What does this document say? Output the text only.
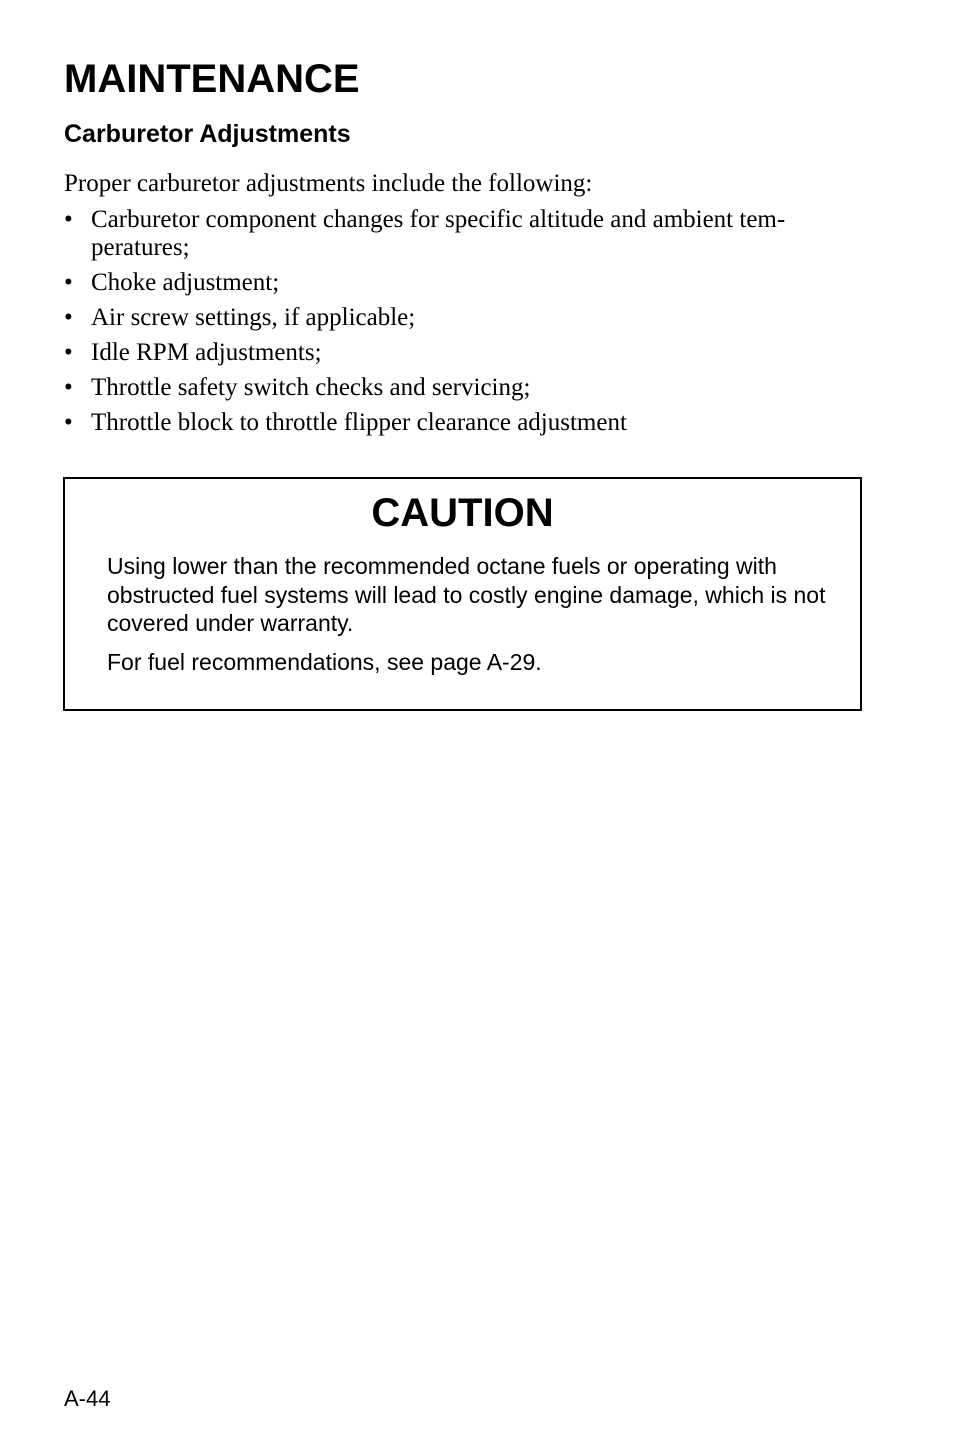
MAINTENANCE
Carburetor Adjustments

Proper carburetor adjustments include the following:

• Carburetor component changes for specific altitude and ambient tem- peratures;
• Choke adjustment;
• Air screw settings, if applicable;
• Idle RPM adjustments;
• Throttle safety switch checks and servicing;
• Throttle block to throttle flipper clearance adjustment
CAUTION

Using lower than the recommended octane fuels or operating with obstructed fuel systems will lead to costly engine damage, which is not covered under warranty.

For fuel recommendations, see page A-29.

A-44
